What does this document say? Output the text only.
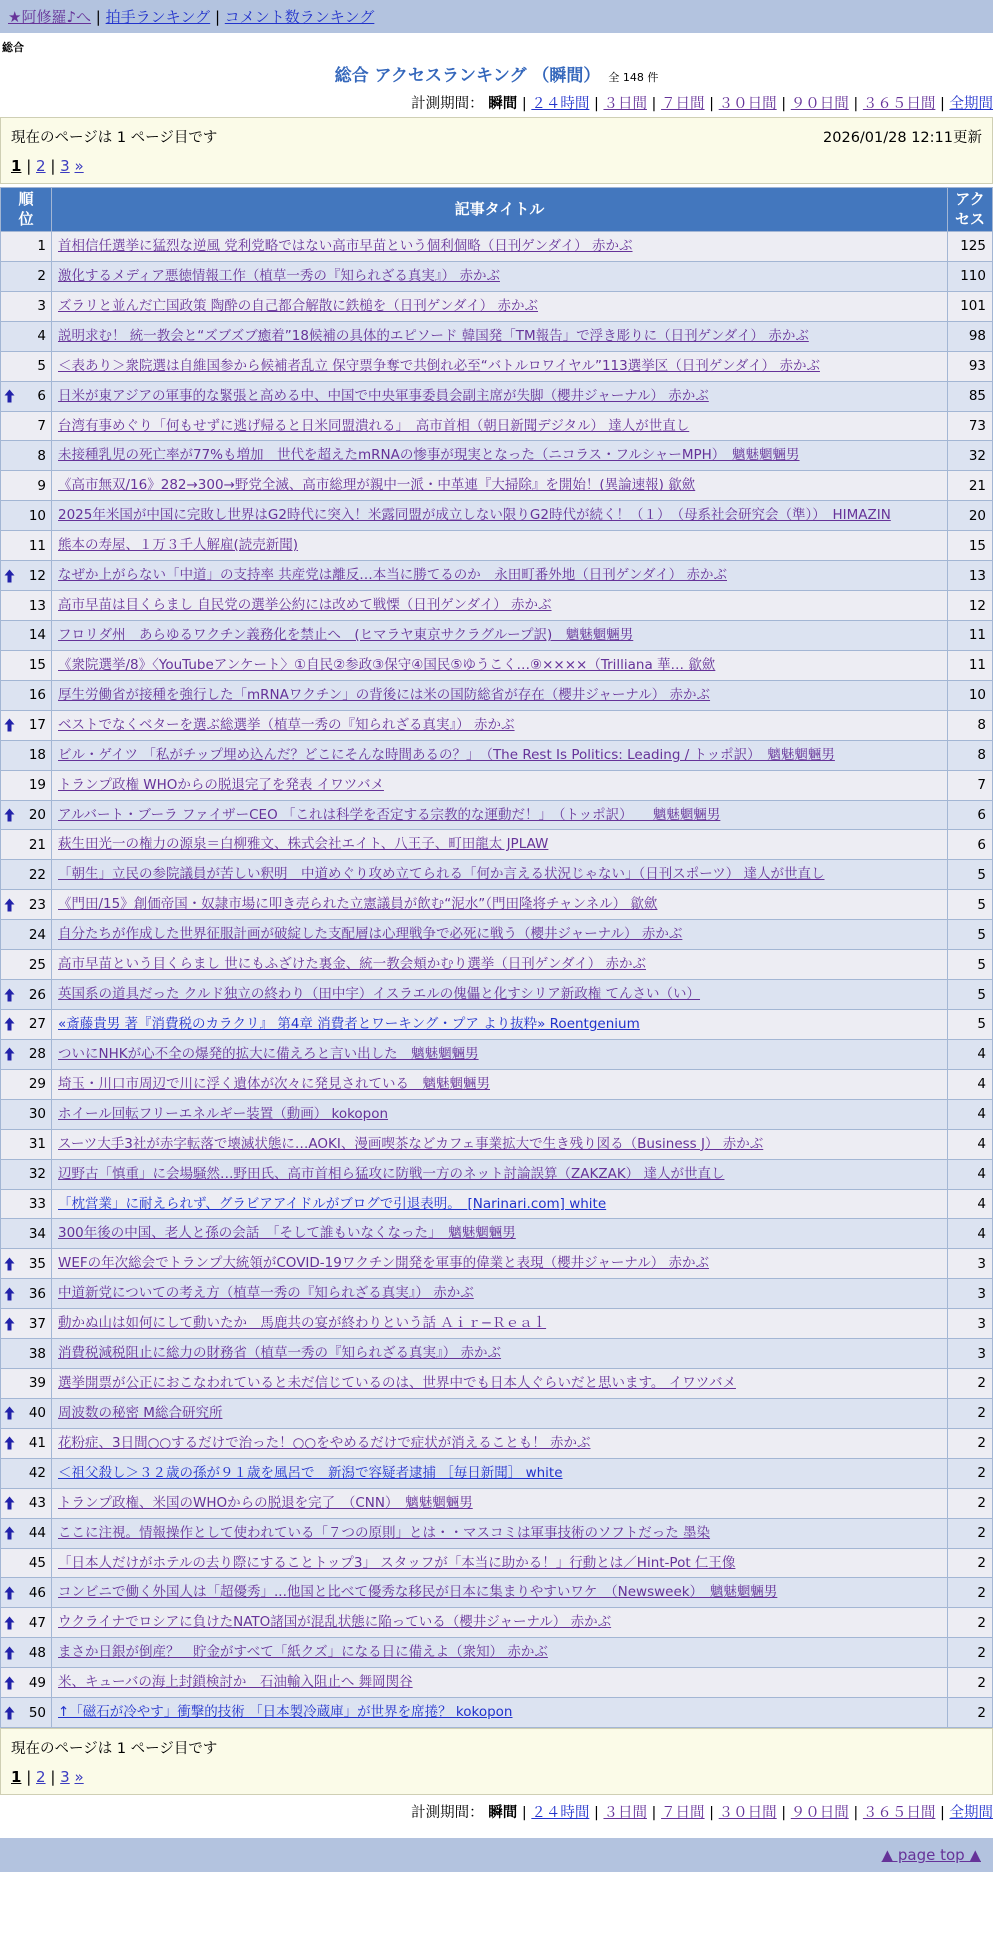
★阿修羅♪へ | 拍手ランキング | コメント数ランキング
総合
総合 アクセスランキング （瞬間） 全 148 件
計測期間： 瞬間 | ２４時間 | ３日間 | ７日間 | ３０日間 | ９０日間 | ３６５日間 | 全期間
現在のページは 1 ページ目です	2026/01/28 12:11更新
1 | 2 | 3 »
順位	記事タイトル	アクセス
1	首相信任選挙に猛烈な逆風 党利党略ではない高市早苗という個利個略（日刊ゲンダイ） 赤かぶ	125
2	激化するメディア悪徳情報工作（植草一秀の『知られざる真実』） 赤かぶ	110
3	ズラリと並んだ亡国政策 陶酔の自己都合解散に鉄槌を（日刊ゲンダイ） 赤かぶ	101
4	説明求む！ 統一教会と“ズブズブ癒着”18候補の具体的エピソード 韓国発「TM報告」で浮き彫りに（日刊ゲンダイ） 赤かぶ	98
5	＜表あり＞衆院選は自維国参から候補者乱立 保守票争奪で共倒れ必至“バトルロワイヤル”113選挙区（日刊ゲンダイ） 赤かぶ	93

6	日米が東アジアの軍事的な緊張と高める中、中国で中央軍事委員会副主席が失脚（櫻井ジャーナル） 赤かぶ	85
7	台湾有事めぐり「何もせずに逃げ帰ると日米同盟潰れる」　高市首相（朝日新聞デジタル） 達人が世直し	73
8	未接種乳児の死亡率が77%も増加　世代を超えたmRNAの惨事が現実となった（ニコラス・フルシャーMPH）　魑魅魍魎男	32
9	《高市無双/16》282→300→野党全滅、高市総理が親中一派・中革連『大掃除』を開始！(異論速報) 歙歛	21
10	2025年米国が中国に完敗し世界はG2時代に突入！米露同盟が成立しない限りG2時代が続く！（１）　（母系社会研究会（準））　HIMAZIN	20
11	熊本の寿屋、１万３千人解雇(読売新聞)	15

12	なぜか上がらない「中道」の支持率 共産党は離反…本当に勝てるのか　永田町番外地（日刊ゲンダイ） 赤かぶ	13
13	高市早苗は目くらまし 自民党の選挙公約には改めて戦慄（日刊ゲンダイ） 赤かぶ	12
14	フロリダ州　あらゆるワクチン義務化を禁止へ　(ヒマラヤ東京サクラグループ訳)　魑魅魍魎男	11
15	《衆院選挙/8》〈YouTubeアンケート〉①自民②参政③保守④国民⑤ゆうこく…⑨××××（Trilliana 華… 歙歛	11
16	厚生労働省が接種を強行した「mRNAワクチン」の背後には米の国防総省が存在（櫻井ジャーナル） 赤かぶ	10

17	ベストでなくベターを選ぶ総選挙（植草一秀の『知られざる真実』） 赤かぶ	8
18	ビル・ゲイツ 「私がチップ埋め込んだ？どこにそんな時間あるの？」　（The Rest Is Politics: Leading / トッポ訳）　魑魅魍魎男	8
19	トランプ政権 WHOからの脱退完了を発表 イワツバメ	7

20	アルバート・ブーラ ファイザーCEO 「これは科学を否定する宗教的な運動だ！」　（トッポ訳）　　魑魅魍魎男	6
21	萩生田光一の権力の源泉＝白柳雅文、株式会社エイト、八王子、町田龍太 JPLAW	6
22	「朝生」立民の参院議員が苦しい釈明　中道めぐり攻め立てられる「何か言える状況じゃない」（日刊スポーツ） 達人が世直し	5

23	《門田/15》創価帝国・奴隷市場に叩き売られた立憲議員が飲む“泥水”（門田隆将チャンネル） 歙歛	5
24	自分たちが作成した世界征服計画が破綻した支配層は心理戦争で必死に戦う（櫻井ジャーナル） 赤かぶ	5
25	高市早苗という目くらまし 世にもふざけた裏金、統一教会頬かむり選挙（日刊ゲンダイ） 赤かぶ	5

26	英国系の道具だった クルド独立の終わり（田中宇）イスラエルの傀儡と化すシリア新政権 てんさい（い）	5

27	«斎藤貴男 著『消費税のカラクリ』 第4章 消費者とワーキング・プア より抜粋» Roentgenium	5

28	ついにNHKが心不全の爆発的拡大に備えろと言い出した　魑魅魍魎男	4
29	埼玉・川口市周辺で川に浮く遺体が次々に発見されている　魑魅魍魎男	4
30	ホイール回転フリーエネルギー装置（動画） kokopon	4
31	スーツ大手3社が赤字転落で壊滅状態に…AOKI、漫画喫茶などカフェ事業拡大で生き残り図る（Business J） 赤かぶ	4
32	辺野古「慎重」に会場騒然…野田氏、高市首相ら猛攻に防戦一方のネット討論誤算（ZAKZAK） 達人が世直し	4
33	「枕営業」に耐えられず、グラビアアイドルがブログで引退表明。　[Narinari.com] white	4
34	300年後の中国、老人と孫の会話　「そして誰もいなくなった」　魑魅魍魎男	4

35	WEFの年次総会でトランプ大統領がCOVID-19ワクチン開発を軍事的偉業と表現（櫻井ジャーナル） 赤かぶ	3

36	中道新党についての考え方（植草一秀の『知られざる真実』） 赤かぶ	3

37	動かぬ山は如何にして動いたか　馬鹿共の宴が終わりという話 Ａｉｒ−Ｒｅａｌ	3
38	消費税減税阻止に総力の財務省（植草一秀の『知られざる真実』） 赤かぶ	3
39	選挙開票が公正におこなわれていると未だ信じているのは、世界中でも日本人ぐらいだと思います。 イワツバメ	2

40	周波数の秘密 M総合研究所	2

41	花粉症、3日間○○するだけで治った！○○をやめるだけで症状が消えることも！ 赤かぶ	2
42	＜祖父殺し＞３２歳の孫が９１歳を風呂で　新潟で容疑者逮捕 ［毎日新聞］ white	2

43	トランプ政権、米国のWHOからの脱退を完了　（CNN）　魑魅魍魎男	2

44	ここに注視。情報操作として使われている「７つの原則」とは・・マスコミは軍事技術のソフトだった 墨染	2
45	「日本人だけがホテルの去り際にすることトップ3」 スタッフが「本当に助かる！」行動とは／Hint-Pot 仁王像	2

46	コンビニで働く外国人は「超優秀」...他国と比べて優秀な移民が日本に集まりやすいワケ　（Newsweek）　魑魅魍魎男	2

47	ウクライナでロシアに負けたNATO諸国が混乱状態に陥っている（櫻井ジャーナル） 赤かぶ	2

48	まさか日銀が倒産？　貯金がすべて「紙クズ」になる日に備えよ（衆知） 赤かぶ	2

49	米、キューバの海上封鎖検討か　石油輸入阻止へ 舞岡関谷	2

50	↑「磁石が冷やす」衝撃的技術 「日本製冷蔵庫」が世界を席捲？ kokopon	2
現在のページは 1 ページ目です
1 | 2 | 3 »
計測期間： 瞬間 | ２４時間 | ３日間 | ７日間 | ３０日間 | ９０日間 | ３６５日間 | 全期間
▲ page top ▲
